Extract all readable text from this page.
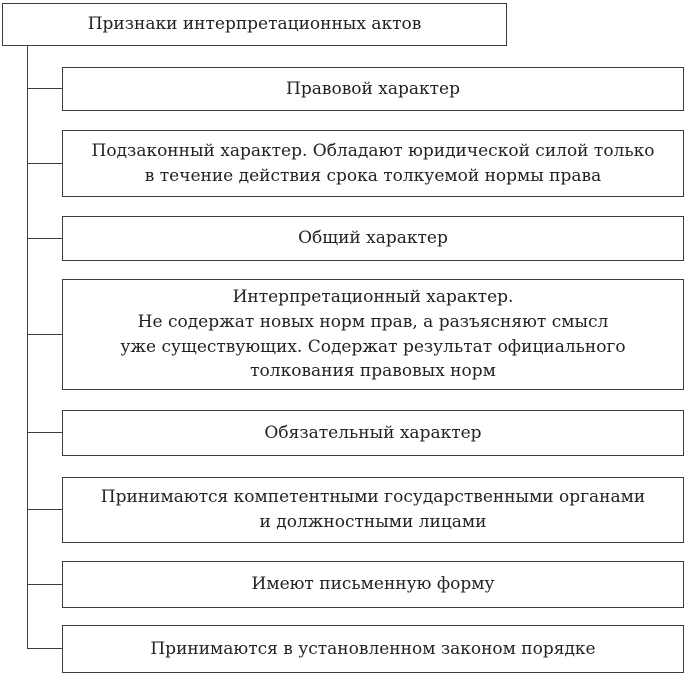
Признаки интерпретационных актов
Правовой характер
Подзаконный характер. Обладают юридической силой только
в течение действия срока толкуемой нормы права
Общий характер
Интерпретационный характер.
Не содержат новых норм прав, а разъясняют смысл
уже существующих. Содержат результат официального
толкования правовых норм
Обязательный характер
Принимаются компетентными государственными органами
и должностными лицами
Имеют письменную форму
Принимаются в установленном законом порядке
